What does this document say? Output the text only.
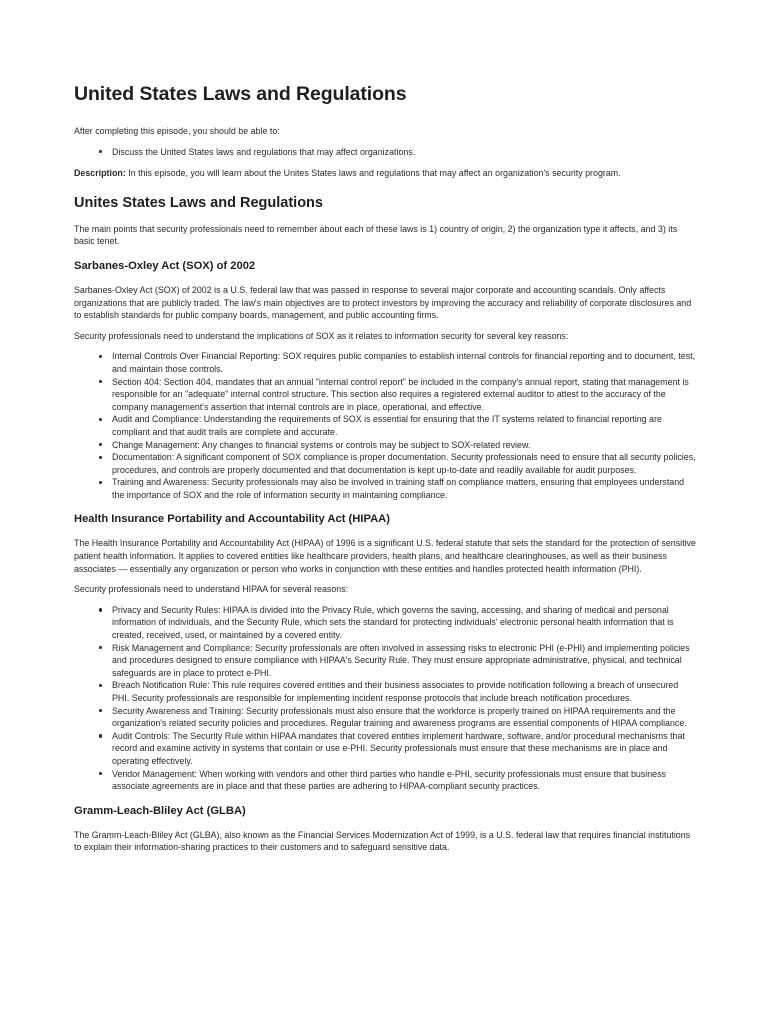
United States Laws and Regulations

After completing this episode, you should be able to:

Discuss the United States laws and regulations that may affect organizations.

Description: In this episode, you will learn about the Unites States laws and regulations that may affect an organization's security program.

Unites States Laws and Regulations

The main points that security professionals need to remember about each of these laws is 1) country of origin, 2) the organization type it affects, and 3) its basic tenet.

Sarbanes-Oxley Act (SOX) of 2002

Sarbanes-Oxley Act (SOX) of 2002 is a U.S. federal law that was passed in response to several major corporate and accounting scandals. Only affects organizations that are publicly traded. The law's main objectives are to protect investors by improving the accuracy and reliability of corporate disclosures and to establish standards for public company boards, management, and public accounting firms.

Security professionals need to understand the implications of SOX as it relates to information security for several key reasons:

Internal Controls Over Financial Reporting: SOX requires public companies to establish internal controls for financial reporting and to document, test, and maintain those controls.
Section 404: Section 404, mandates that an annual "internal control report" be included in the company's annual report, stating that management is responsible for an "adequate" internal control structure. This section also requires a registered external auditor to attest to the accuracy of the company management's assertion that internal controls are in place, operational, and effective.
Audit and Compliance: Understanding the requirements of SOX is essential for ensuring that the IT systems related to financial reporting are compliant and that audit trails are complete and accurate.
Change Management: Any changes to financial systems or controls may be subject to SOX-related review.
Documentation: A significant component of SOX compliance is proper documentation. Security professionals need to ensure that all security policies, procedures, and controls are properly documented and that documentation is kept up-to-date and readily available for audit purposes.
Training and Awareness: Security professionals may also be involved in training staff on compliance matters, ensuring that employees understand the importance of SOX and the role of information security in maintaining compliance.
Health Insurance Portability and Accountability Act (HIPAA)

The Health Insurance Portability and Accountability Act (HIPAA) of 1996 is a significant U.S. federal statute that sets the standard for the protection of sensitive patient health information. It applies to covered entities like healthcare providers, health plans, and healthcare clearinghouses, as well as their business associates — essentially any organization or person who works in conjunction with these entities and handles protected health information (PHI).

Security professionals need to understand HIPAA for several reasons:

Privacy and Security Rules: HIPAA is divided into the Privacy Rule, which governs the saving, accessing, and sharing of medical and personal information of individuals, and the Security Rule, which sets the standard for protecting individuals' electronic personal health information that is created, received, used, or maintained by a covered entity.
Risk Management and Compliance: Security professionals are often involved in assessing risks to electronic PHI (e-PHI) and implementing policies and procedures designed to ensure compliance with HIPAA's Security Rule. They must ensure appropriate administrative, physical, and technical safeguards are in place to protect e-PHI.
Breach Notification Rule: This rule requires covered entities and their business associates to provide notification following a breach of unsecured PHI. Security professionals are responsible for implementing incident response protocols that include breach notification procedures.
Security Awareness and Training: Security professionals must also ensure that the workforce is properly trained on HIPAA requirements and the organization's related security policies and procedures. Regular training and awareness programs are essential components of HIPAA compliance.
Audit Controls: The Security Rule within HIPAA mandates that covered entities implement hardware, software, and/or procedural mechanisms that record and examine activity in systems that contain or use e-PHI. Security professionals must ensure that these mechanisms are in place and operating effectively.
Vendor Management: When working with vendors and other third parties who handle e-PHI, security professionals must ensure that business associate agreements are in place and that these parties are adhering to HIPAA-compliant security practices.
Gramm-Leach-Bliley Act (GLBA)

The Gramm-Leach-Bliley Act (GLBA), also known as the Financial Services Modernization Act of 1999, is a U.S. federal law that requires financial institutions to explain their information-sharing practices to their customers and to safeguard sensitive data.
